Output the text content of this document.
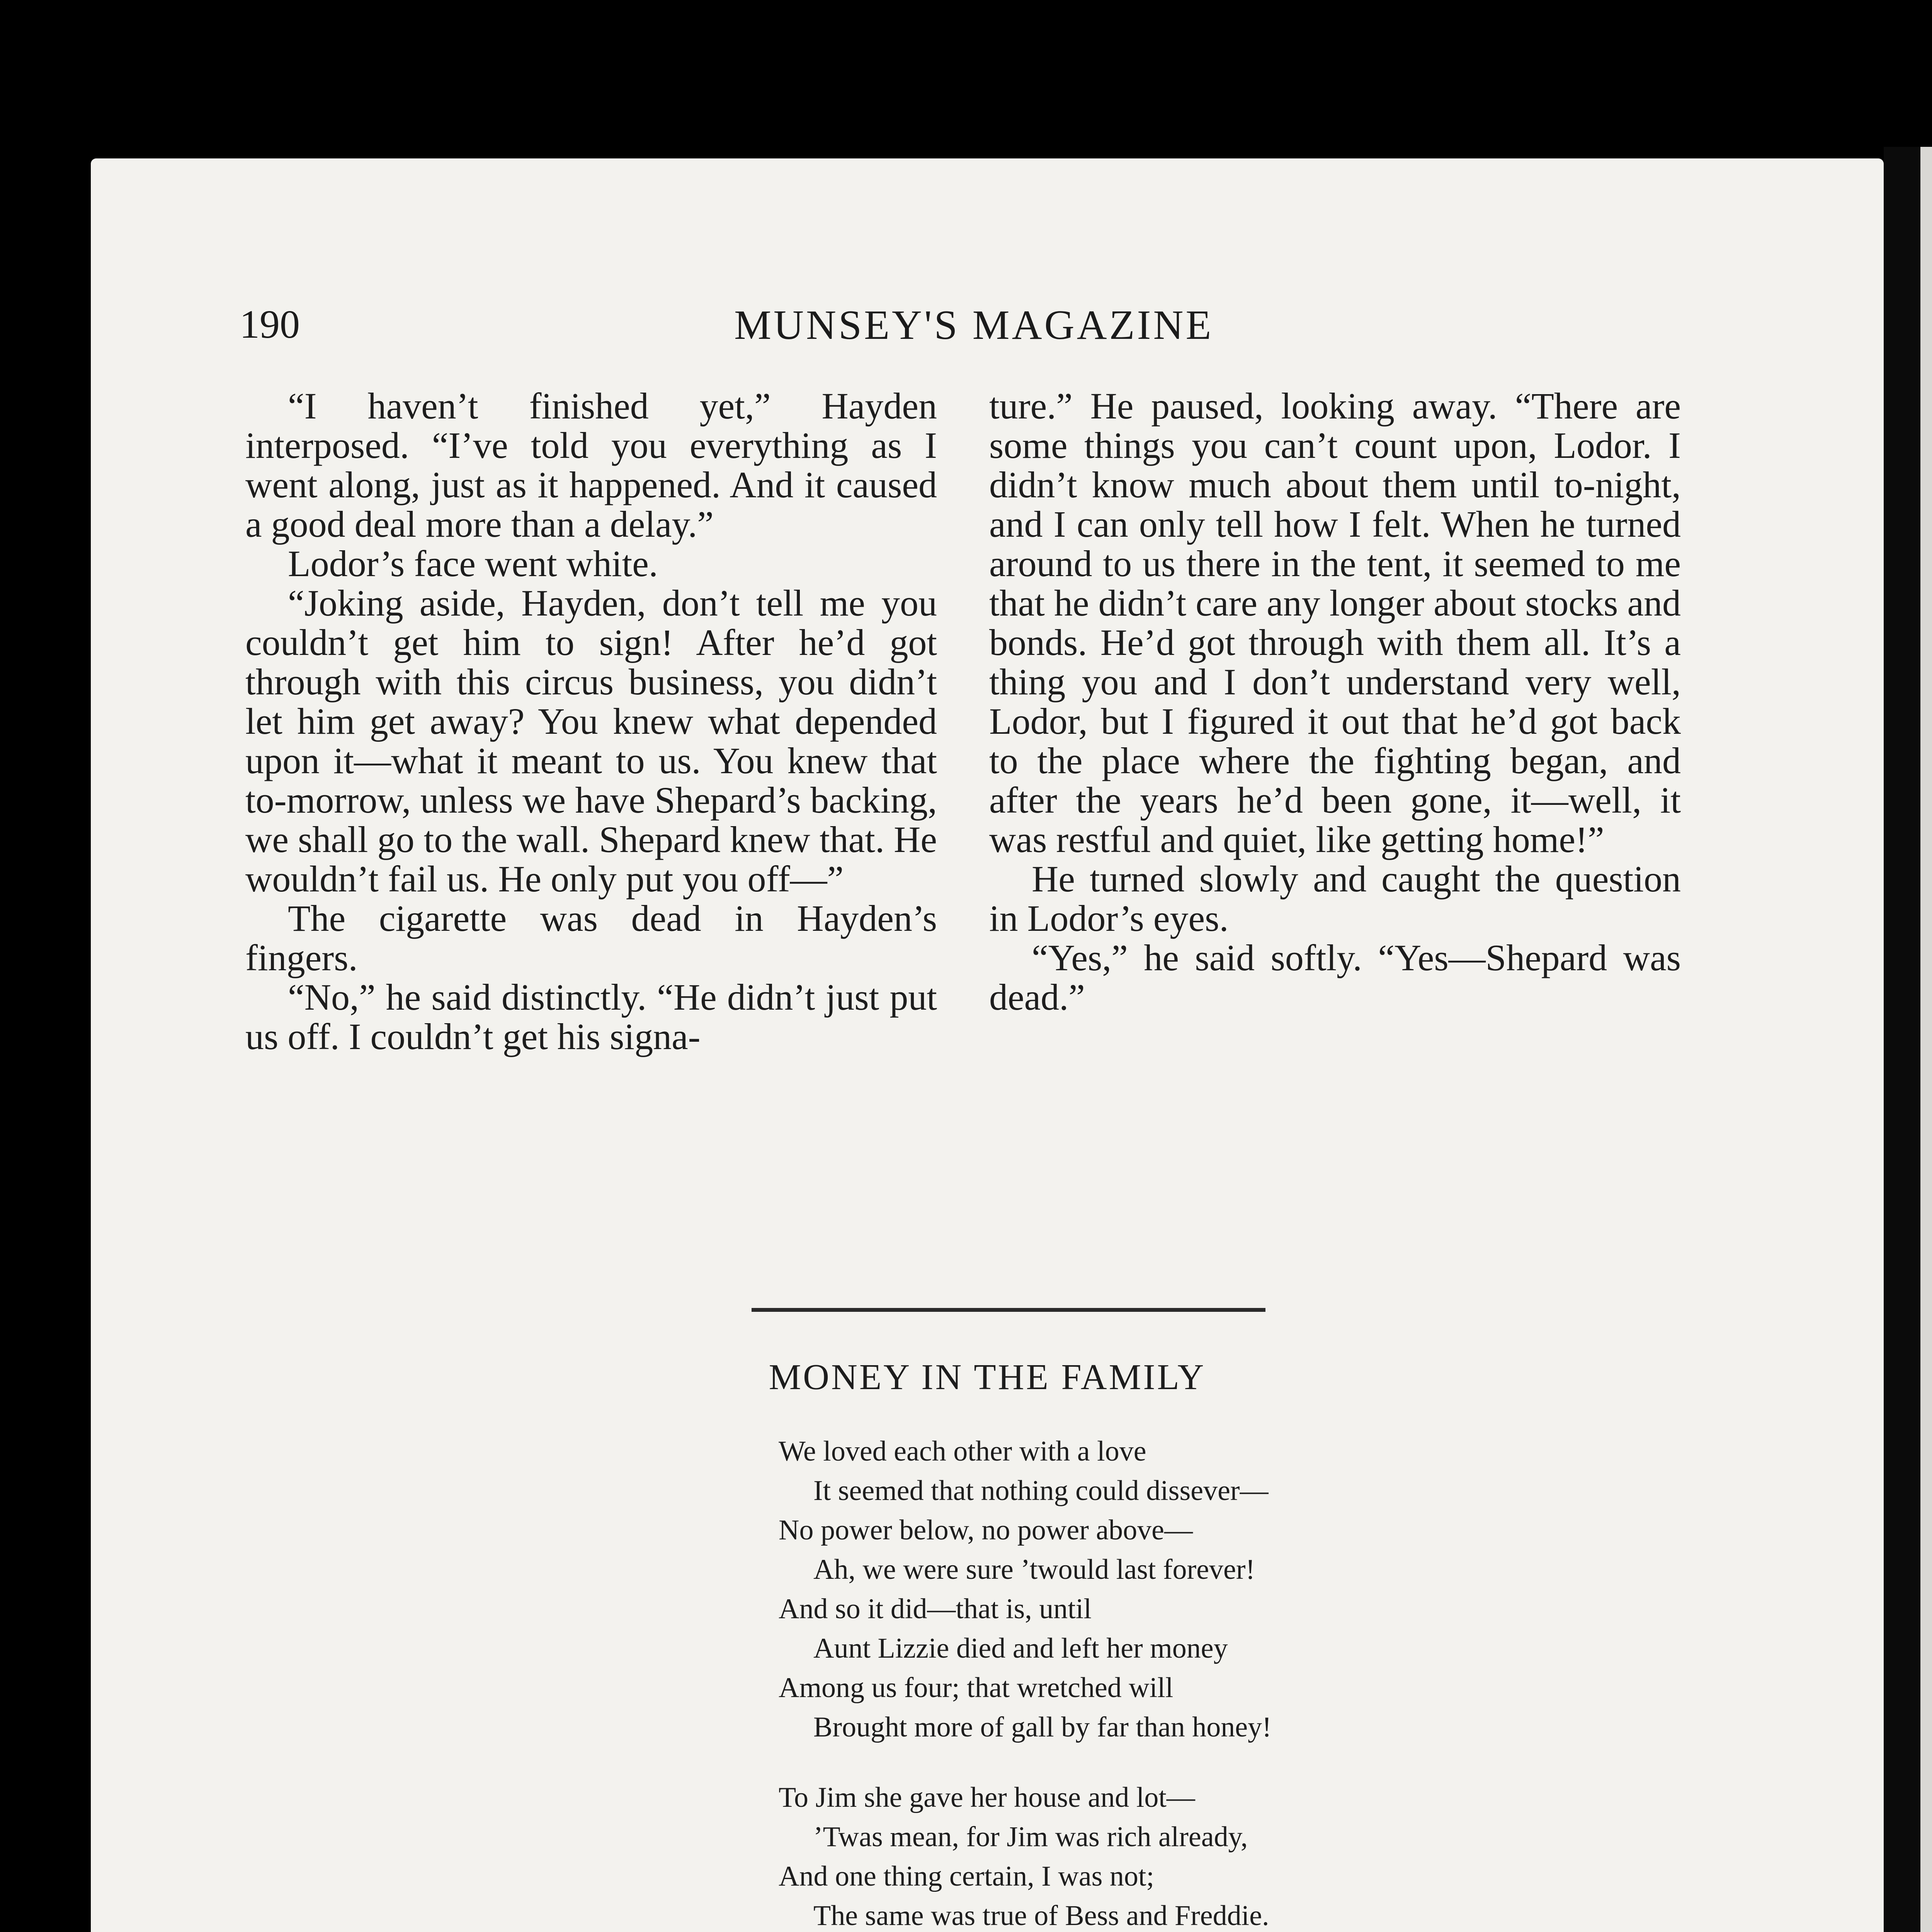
190	MUNSEY'S MAGAZINE

“I haven’t finished yet,” Hayden interposed. “I’ve told you everything as I went along, just as it happened. And it caused a good deal more than a delay.”

Lodor’s face went white.

“Joking aside, Hayden, don’t tell me you couldn’t get him to sign! After he’d got through with this circus business, you didn’t let him get away? You knew what depended upon it—what it meant to us. You knew that to-morrow, unless we have Shepard’s backing, we shall go to the wall. Shepard knew that. He wouldn’t fail us. He only put you off—”

The cigarette was dead in Hayden’s fingers.

“No,” he said distinctly. “He didn’t just put us off. I couldn’t get his signa-

ture.” He paused, looking away. “There are some things you can’t count upon, Lodor. I didn’t know much about them until to-night, and I can only tell how I felt. When he turned around to us there in the tent, it seemed to me that he didn’t care any longer about stocks and bonds. He’d got through with them all. It’s a thing you and I don’t understand very well, Lodor, but I figured it out that he’d got back to the place where the fighting began, and after the years he’d been gone, it—well, it was restful and quiet, like getting home!”

He turned slowly and caught the question in Lodor’s eyes.

“Yes,” he said softly. “Yes—Shepard was dead.”

MONEY IN THE FAMILY
We loved each other with a love
It seemed that nothing could dissever—
No power below, no power above—
Ah, we were sure ’twould last forever!
And so it did—that is, until
Aunt Lizzie died and left her money
Among us four; that wretched will
Brought more of gall by far than honey!
To Jim she gave her house and lot—
’Twas mean, for Jim was rich already,
And one thing certain, I was not;
The same was true of Bess and Freddie.
